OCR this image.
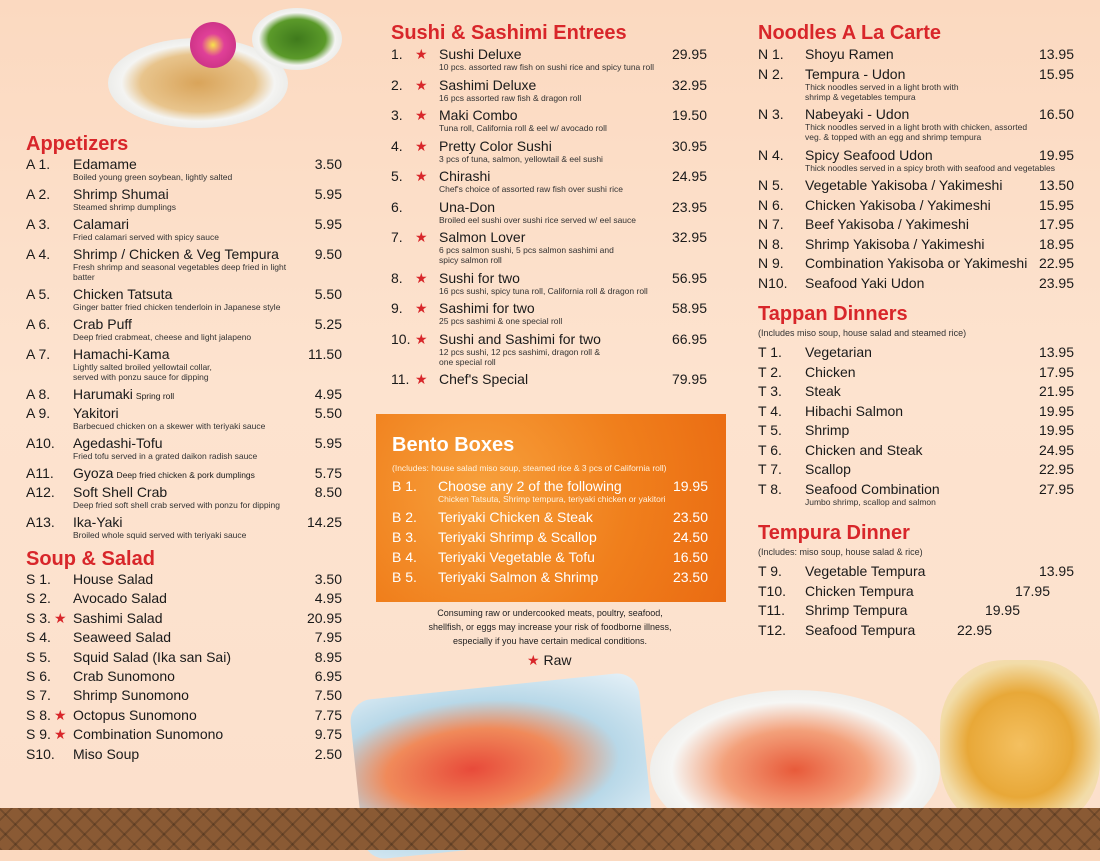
Appetizers
A 1. Edamame	3.50
Boiled young green soybean, lightly salted
A 2. Shrimp Shumai	5.95
Steamed shrimp dumplings
A 3. Calamari	5.95
Fried calamari served with spicy sauce
A 4. Shrimp / Chicken & Veg Tempura	9.50
Fresh shrimp and seasonal vegetables deep fried in light
batter
A 5. Chicken Tatsuta	5.50
Ginger batter fried chicken tenderloin in Japanese style
A 6. Crab Puff	5.25
Deep fried crabmeat, cheese and light jalapeno
A 7. Hamachi-Kama	11.50
Lightly salted broiled yellowtail collar,
served with ponzu sauce for dipping
A 8. Harumaki Spring roll	4.95
A 9. Yakitori	5.50
Barbecued chicken on a skewer with teriyaki sauce
A10. Agedashi-Tofu	5.95
Fried tofu served in a grated daikon radish sauce
A11. Gyoza Deep fried chicken & pork dumplings	5.75
A12. Soft Shell Crab	8.50
Deep fried soft shell crab served with ponzu for dipping
A13. Ika-Yaki	14.25
Broiled whole squid served with teriyaki sauce
Soup & Salad
S 1. House Salad	3.50
S 2. Avocado Salad	4.95
S 3. ★ Sashimi Salad	20.95
S 4. Seaweed Salad	7.95
S 5. Squid Salad (Ika san Sai)	8.95
S 6. Crab Sunomono	6.95
S 7. Shrimp Sunomono	7.50
S 8. ★ Octopus Sunomono	7.75
S 9. ★ Combination Sunomono	9.75
S10. Miso Soup	2.50
Sushi & Sashimi Entrees
1. ★ Sushi Deluxe	29.95
10 pcs. assorted raw fish on sushi rice and spicy tuna roll
2. ★ Sashimi Deluxe	32.95
16 pcs assorted raw fish & dragon roll
3. ★ Maki Combo	19.50
Tuna roll, California roll & eel w/ avocado roll
4. ★ Pretty Color Sushi	30.95
3 pcs of tuna, salmon, yellowtail & eel sushi
5. ★ Chirashi	24.95
Chef's choice of assorted raw fish over sushi rice
6.	Una-Don	23.95
Broiled eel sushi over sushi rice served w/ eel sauce
7. ★ Salmon Lover	32.95
6 pcs salmon sushi, 5 pcs salmon sashimi and
spicy salmon roll
8. ★ Sushi for two	56.95
16 pcs sushi, spicy tuna roll, California roll & dragon roll
9. ★ Sashimi for two	58.95
25 pcs sashimi & one special roll
10. ★ Sushi and Sashimi for two	66.95
12 pcs sushi, 12 pcs sashimi, dragon roll &
one special roll
11. ★ Chef's Special	79.95
Bento Boxes
(Includes: house salad miso soup, steamed rice & 3 pcs of California roll)
B 1. Choose any 2 of the following	19.95
Chicken Tatsuta, Shrimp tempura, teriyaki chicken or yakitori
B 2. Teriyaki Chicken & Steak	23.50
B 3. Teriyaki Shrimp & Scallop	24.50
B 4. Teriyaki Vegetable & Tofu	16.50
B 5. Teriyaki Salmon & Shrimp	23.50
Consuming raw or undercooked meats, poultry, seafood,
shellfish, or eggs may increase your risk of foodborne illness,
especially if you have certain medical conditions.
★ Raw
Noodles A La Carte
N 1. Shoyu Ramen	13.95
N 2. Tempura - Udon	15.95
Thick noodles served in a light broth with
shrimp & vegetables tempura
N 3. Nabeyaki - Udon	16.50
Thick noodles served in a light broth with chicken, assorted
veg. & topped with an egg and shrimp tempura
N 4. Spicy Seafood Udon	19.95
Thick noodles served in a spicy broth with seafood and vegetables
N 5. Vegetable Yakisoba / Yakimeshi	13.50
N 6. Chicken Yakisoba / Yakimeshi	15.95
N 7. Beef Yakisoba / Yakimeshi	17.95
N 8. Shrimp Yakisoba / Yakimeshi	18.95
N 9. Combination Yakisoba or Yakimeshi 22.95
N10. Seafood Yaki Udon	23.95
Tappan Dinners
(Includes miso soup, house salad and steamed rice)
T 1. Vegetarian	13.95
T 2. Chicken	17.95
T 3. Steak	21.95
T 4. Hibachi Salmon	19.95
T 5. Shrimp	19.95
T 6. Chicken and Steak	24.95
T 7. Scallop	22.95
T 8. Seafood Combination	27.95
Jumbo shrimp, scallop and salmon
Tempura Dinner
(Includes: miso soup, house salad & rice)
T 9. Vegetable Tempura	13.95
T10. Chicken Tempura	17.95
T11. Shrimp Tempura	19.95
T12. Seafood Tempura	22.95
